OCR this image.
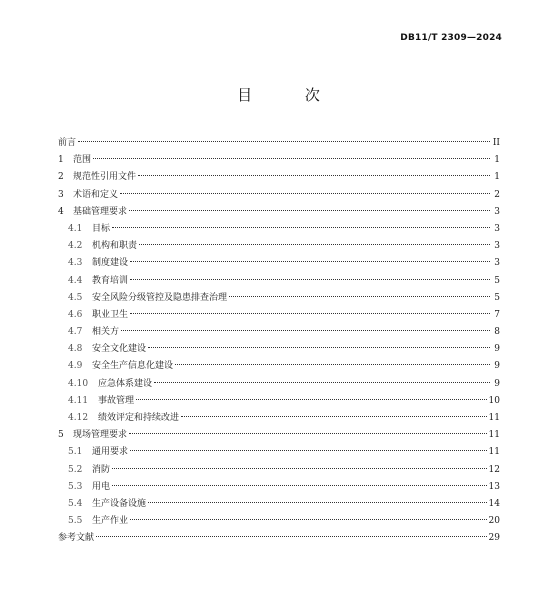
DB11/T 2309—2024
目 次
前言	II
1	范围	1
2	规范性引用文件	1
3	术语和定义	2
4	基础管理要求	3
4.1	目标	3
4.2	机构和职责	3
4.3	制度建设	3
4.4	教育培训	5
4.5	安全风险分级管控及隐患排查治理	5
4.6	职业卫生	7
4.7	相关方	8
4.8	安全文化建设	9
4.9	安全生产信息化建设	9
4.10	应急体系建设	9
4.11	事故管理	10
4.12	绩效评定和持续改进	11
5	现场管理要求	11
5.1	通用要求	11
5.2	消防	12
5.3	用电	13
5.4	生产设备设施	14
5.5	生产作业	20
参考文献	29
